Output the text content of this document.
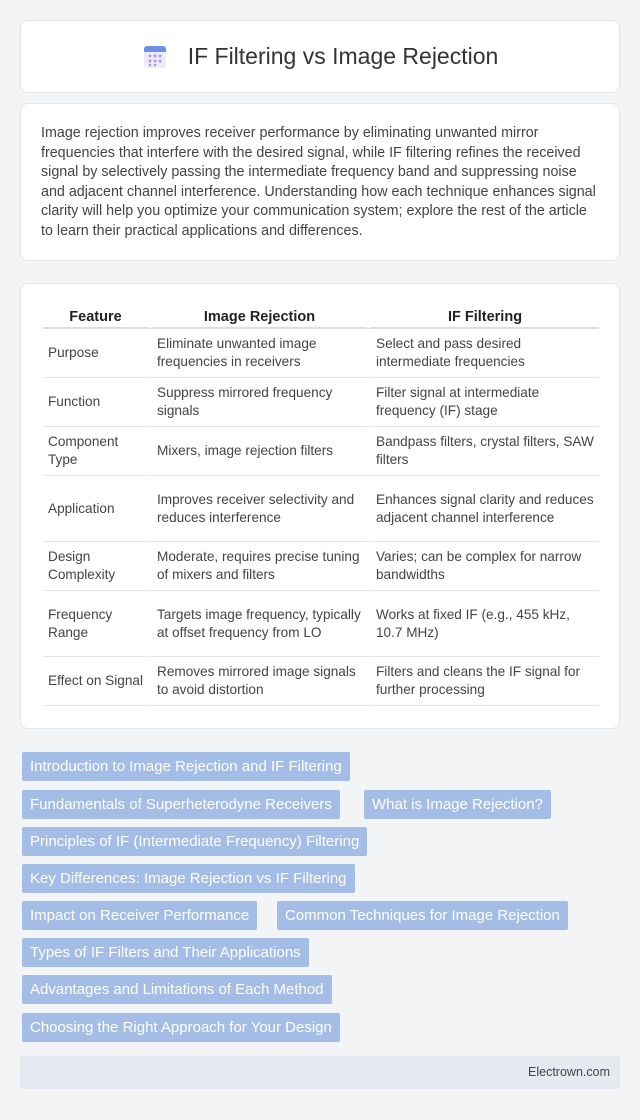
IF Filtering vs Image Rejection

Image rejection improves receiver performance by eliminating unwanted mirror frequencies that interfere with the desired signal, while IF filtering refines the received signal by selectively passing the intermediate frequency band and suppressing noise and adjacent channel interference. Understanding how each technique enhances signal clarity will help you optimize your communication system; explore the rest of the article to learn their practical applications and differences.

Feature	Image Rejection	IF Filtering
Purpose	Eliminate unwanted image frequencies in receivers	Select and pass desired intermediate frequencies
Function	Suppress mirrored frequency signals	Filter signal at intermediate frequency (IF) stage
Component Type	Mixers, image rejection filters	Bandpass filters, crystal filters, SAW filters
Application	Improves receiver selectivity and reduces interference	Enhances signal clarity and reduces adjacent channel interference
Design Complexity	Moderate, requires precise tuning of mixers and filters	Varies; can be complex for narrow bandwidths
Frequency Range	Targets image frequency, typically at offset frequency from LO	Works at fixed IF (e.g., 455 kHz, 10.7 MHz)
Effect on Signal	Removes mirrored image signals to avoid distortion	Filters and cleans the IF signal for further processing
Introduction to Image Rejection and IF Filtering
Fundamentals of Superheterodyne Receivers	What is Image Rejection?
Principles of IF (Intermediate Frequency) Filtering
Key Differences: Image Rejection vs IF Filtering
Impact on Receiver Performance	Common Techniques for Image Rejection
Types of IF Filters and Their Applications
Advantages and Limitations of Each Method
Choosing the Right Approach for Your Design
Electrown.com
